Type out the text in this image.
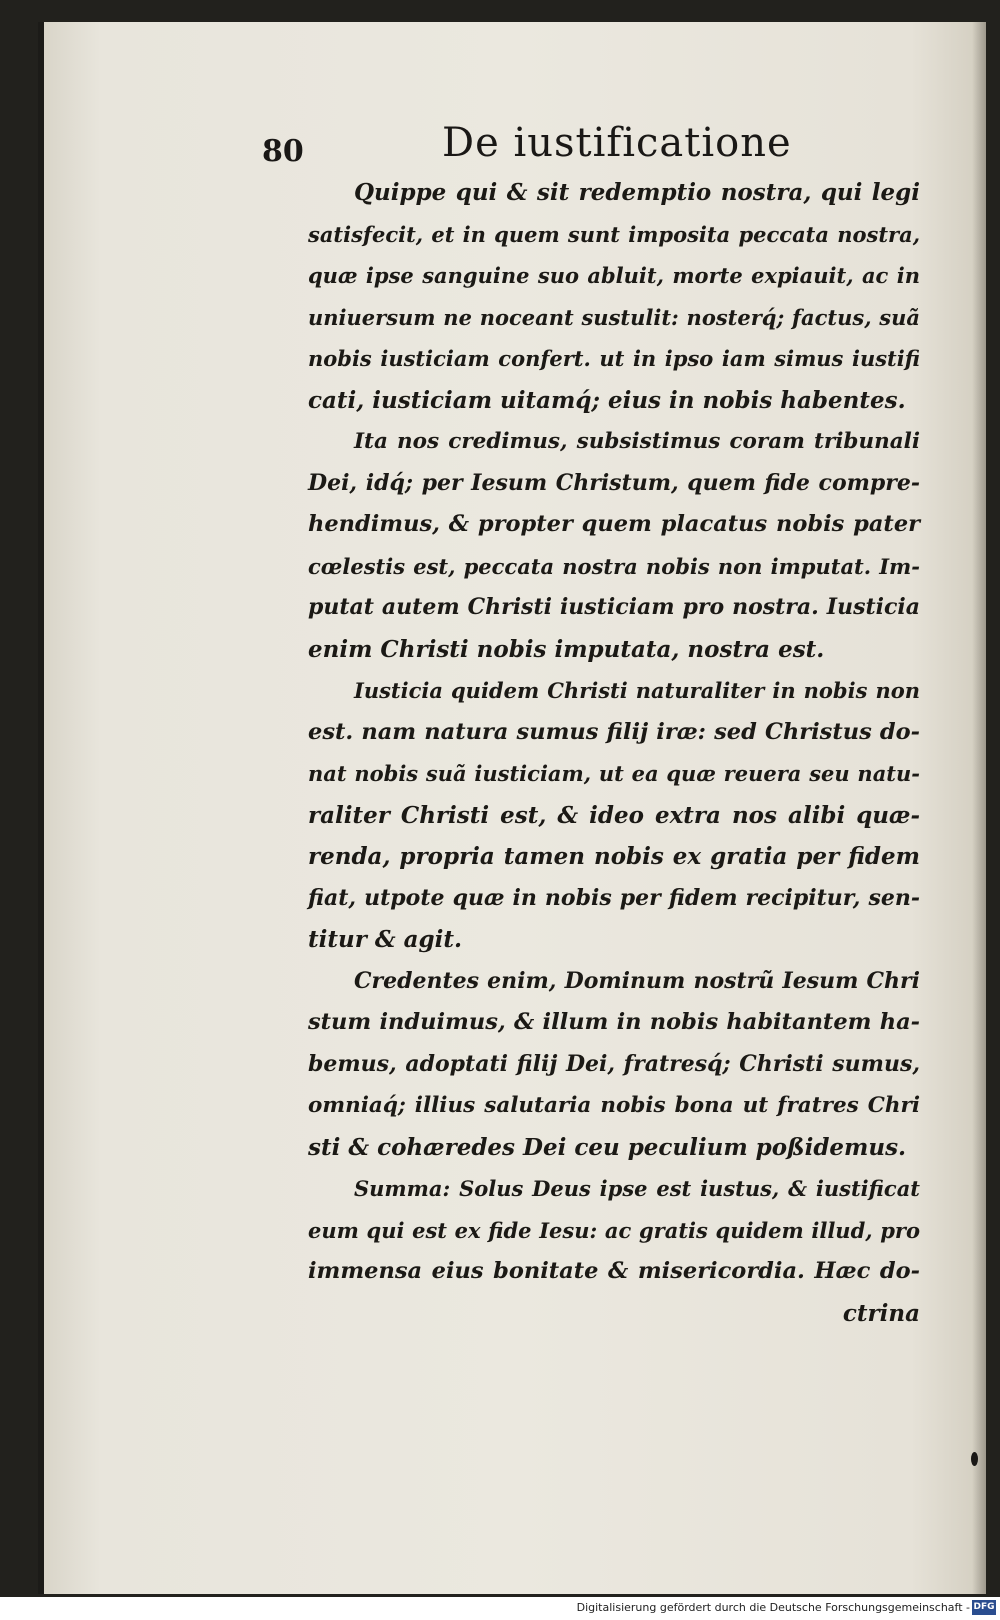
80	De iustificatione
Quippe qui & sit redemptio nostra, qui legi
satisfecit, et in quem sunt imposita peccata nostra,
quæ ipse sanguine suo abluit, morte expiauit, ac in
uniuersum ne noceant sustulit: nosterq́; factus, suã
nobis iusticiam confert. ut in ipso iam simus iustifi
cati, iusticiam uitamq́; eius in nobis habentes.
Ita nos credimus, subsistimus coram tribunali
Dei, idq́; per Iesum Christum, quem fide compre-
hendimus, & propter quem placatus nobis pater
cœlestis est, peccata nostra nobis non imputat. Im-
putat autem Christi iusticiam pro nostra. Iusticia
enim Christi nobis imputata, nostra est.
Iusticia quidem Christi naturaliter in nobis non
est. nam natura sumus filij iræ: sed Christus do-
nat nobis suã iusticiam, ut ea quæ reuera seu natu-
raliter Christi est, & ideo extra nos alibi quæ-
renda, propria tamen nobis ex gratia per fidem
fiat, utpote quæ in nobis per fidem recipitur, sen-
titur & agit.
Credentes enim, Dominum nostrũ Iesum Chri
stum induimus, & illum in nobis habitantem ha-
bemus, adoptati filij Dei, fratresq́; Christi sumus,
omniaq́; illius salutaria nobis bona ut fratres Chri
sti & cohæredes Dei ceu peculium poßidemus.
Summa: Solus Deus ipse est iustus, & iustificat
eum qui est ex fide Iesu: ac gratis quidem illud, pro
immensa eius bonitate & misericordia. Hæc do-
ctrina
Digitalisierung gefördert durch die Deutsche Forschungsgemeinschaft - DFG
